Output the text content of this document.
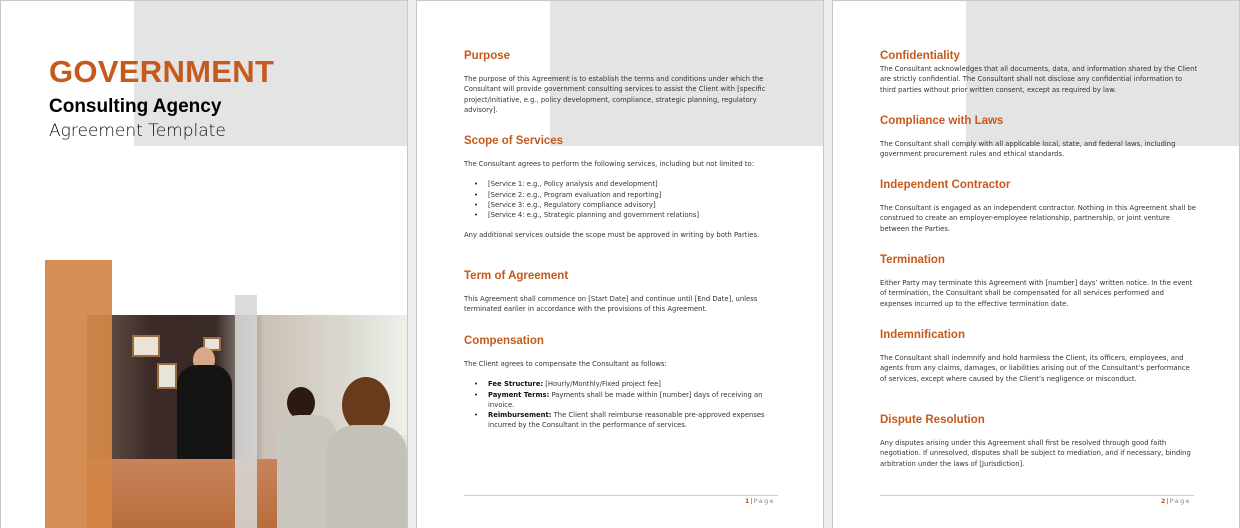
GOVERNMENT
Consulting Agency
Agreement Template
Purpose
The purpose of this Agreement is to establish the terms and conditions under which the Consultant will provide government consulting services to assist the Client with [specific project/initiative, e.g., policy development, compliance, strategic planning, regulatory advisory].
Scope of Services
The Consultant agrees to perform the following services, including but not limited to:
• [Service 1: e.g., Policy analysis and development]
• [Service 2: e.g., Program evaluation and reporting]
• [Service 3: e.g., Regulatory compliance advisory]
• [Service 4: e.g., Strategic planning and government relations]
Any additional services outside the scope must be approved in writing by both Parties.
Term of Agreement
This Agreement shall commence on [Start Date] and continue until [End Date], unless terminated earlier in accordance with the provisions of this Agreement.
Compensation
The Client agrees to compensate the Consultant as follows:
• Fee Structure: [Hourly/Monthly/Fixed project fee]
• Payment Terms: Payments shall be made within [number] days of receiving an invoice.
• Reimbursement: The Client shall reimburse reasonable pre-approved expenses incurred by the Consultant in the performance of services.
1|Page
Confidentiality
The Consultant acknowledges that all documents, data, and information shared by the Client are strictly confidential. The Consultant shall not disclose any confidential information to third parties without prior written consent, except as required by law.
Compliance with Laws
The Consultant shall comply with all applicable local, state, and federal laws, including government procurement rules and ethical standards.
Independent Contractor
The Consultant is engaged as an independent contractor. Nothing in this Agreement shall be construed to create an employer-employee relationship, partnership, or joint venture between the Parties.
Termination
Either Party may terminate this Agreement with [number] days’ written notice. In the event of termination, the Consultant shall be compensated for all services performed and expenses incurred up to the effective termination date.
Indemnification
The Consultant shall indemnify and hold harmless the Client, its officers, employees, and agents from any claims, damages, or liabilities arising out of the Consultant’s performance of services, except where caused by the Client’s negligence or misconduct.
Dispute Resolution
Any disputes arising under this Agreement shall first be resolved through good faith negotiation. If unresolved, disputes shall be subject to mediation, and if necessary, binding arbitration under the laws of [Jurisdiction].
2|Page
